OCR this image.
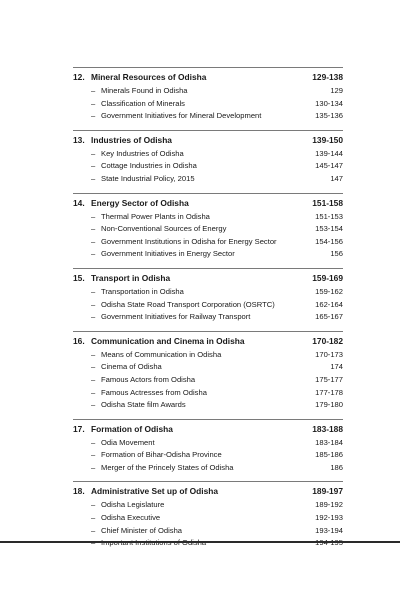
12. Mineral Resources of Odisha	129-138
– Minerals Found in Odisha	129
– Classification of Minerals	130-134
– Government Initiatives for Mineral Development	135-136
13. Industries of Odisha	139-150
– Key Industries of Odisha	139-144
– Cottage Industries in Odisha	145-147
– State Industrial Policy, 2015	147
14. Energy Sector of Odisha	151-158
– Thermal Power Plants in Odisha	151-153
– Non-Conventional Sources of Energy	153-154
– Government Institutions in Odisha for Energy Sector	154-156
– Government Initiatives in Energy Sector	156
15. Transport in Odisha	159-169
– Transportation in Odisha	159-162
– Odisha State Road Transport Corporation (OSRTC)	162-164
– Government Initiatives for Railway Transport	165-167
16. Communication and Cinema in Odisha	170-182
– Means of Communication in Odisha	170-173
– Cinema of Odisha	174
– Famous Actors from Odisha	175-177
– Famous Actresses from Odisha	177-178
– Odisha State film Awards	179-180
17. Formation of Odisha	183-188
– Odia Movement	183-184
– Formation of Bihar-Odisha Province	185-186
– Merger of the Princely States of Odisha	186
18. Administrative Set up of Odisha	189-197
– Odisha Legislature	189-192
– Odisha Executive	192-193
– Chief Minister of Odisha	193-194
